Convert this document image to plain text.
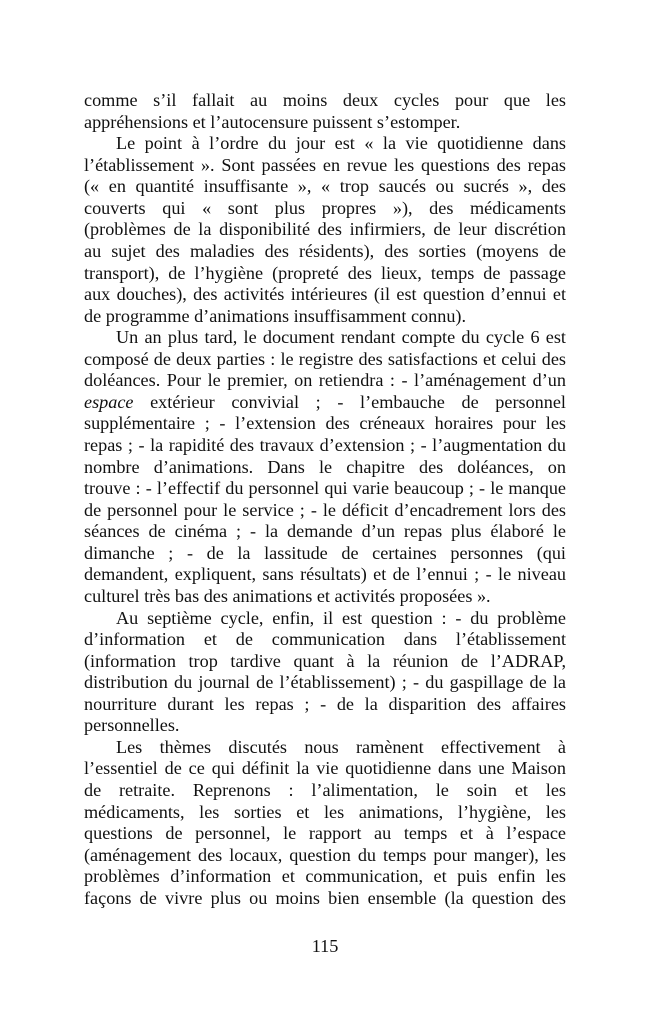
comme s’il fallait au moins deux cycles pour que les
appréhensions et l’autocensure puissent s’estomper.
Le point à l’ordre du jour est « la vie quotidienne dans
l’établissement ». Sont passées en revue les questions des repas
(« en quantité insuffisante », « trop saucés ou sucrés », des
couverts qui « sont plus propres »), des médicaments
(problèmes de la disponibilité des infirmiers, de leur discrétion
au sujet des maladies des résidents), des sorties (moyens de
transport), de l’hygiène (propreté des lieux, temps de passage
aux douches), des activités intérieures (il est question d’ennui et
de programme d’animations insuffisamment connu).
Un an plus tard, le document rendant compte du cycle 6 est
composé de deux parties : le registre des satisfactions et celui des
doléances. Pour le premier, on retiendra : - l’aménagement d’un
espace extérieur convivial ; - l’embauche de personnel
supplémentaire ; - l’extension des créneaux horaires pour les
repas ; - la rapidité des travaux d’extension ; - l’augmentation du
nombre d’animations. Dans le chapitre des doléances, on
trouve : - l’effectif du personnel qui varie beaucoup ; - le manque
de personnel pour le service ; - le déficit d’encadrement lors des
séances de cinéma ; - la demande d’un repas plus élaboré le
dimanche ; - de la lassitude de certaines personnes (qui
demandent, expliquent, sans résultats) et de l’ennui ; - le niveau
culturel très bas des animations et activités proposées ».
Au septième cycle, enfin, il est question : - du problème
d’information et de communication dans l’établissement
(information trop tardive quant à la réunion de l’ADRAP,
distribution du journal de l’établissement) ; - du gaspillage de la
nourriture durant les repas ; - de la disparition des affaires
personnelles.
Les thèmes discutés nous ramènent effectivement à
l’essentiel de ce qui définit la vie quotidienne dans une Maison
de retraite. Reprenons : l’alimentation, le soin et les
médicaments, les sorties et les animations, l’hygiène, les
questions de personnel, le rapport au temps et à l’espace
(aménagement des locaux, question du temps pour manger), les
problèmes d’information et communication, et puis enfin les
façons de vivre plus ou moins bien ensemble (la question des
115
